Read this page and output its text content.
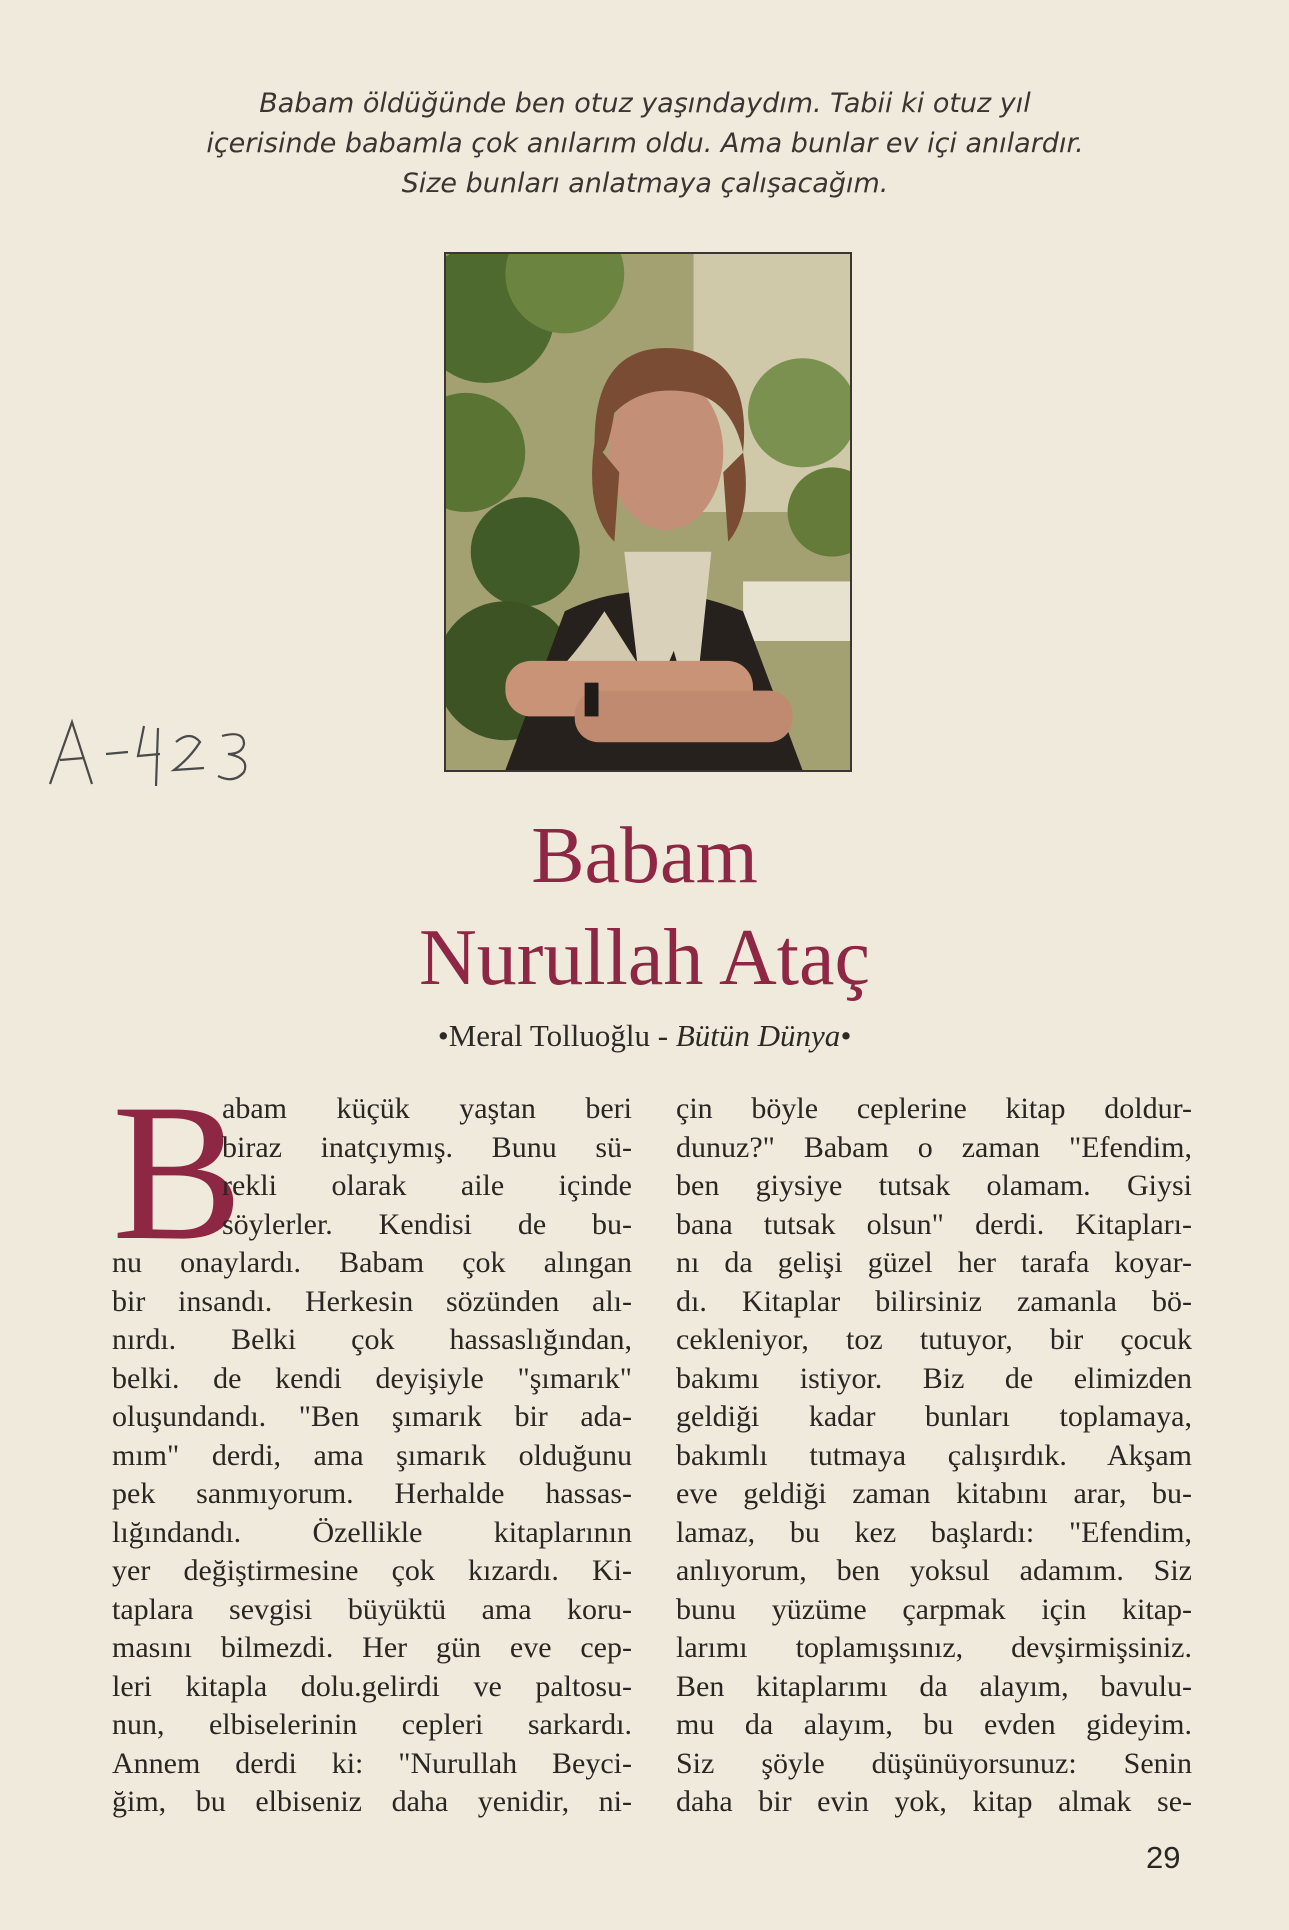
Babam öldüğünde ben otuz yaşındaydım. Tabii ki otuz yıl
içerisinde babamla çok anılarım oldu. Ama bunlar ev içi anılardır.
Size bunları anlatmaya çalışacağım.
Babam
Nurullah Ataç
•Meral Tolluoğlu - Bütün Dünya•
B
abam küçük yaştan beri
biraz inatçıymış. Bunu sü-
rekli olarak aile içinde
söylerler. Kendisi de bu-
nu onaylardı. Babam çok alıngan
bir insandı. Herkesin sözünden alı-
nırdı. Belki çok hassaslığından,
belki. de kendi deyişiyle "şımarık"
oluşundandı. "Ben şımarık bir ada-
mım" derdi, ama şımarık olduğunu
pek sanmıyorum. Herhalde hassas-
lığındandı. Özellikle kitaplarının
yer değiştirmesine çok kızardı. Ki-
taplara sevgisi büyüktü ama koru-
masını bilmezdi. Her gün eve cep-
leri kitapla dolu.gelirdi ve paltosu-
nun, elbiselerinin cepleri sarkardı.
Annem derdi ki: "Nurullah Beyci-
ğim, bu elbiseniz daha yenidir, ni-
çin böyle ceplerine kitap doldur-
dunuz?" Babam o zaman "Efendim,
ben giysiye tutsak olamam. Giysi
bana tutsak olsun" derdi. Kitapları-
nı da gelişi güzel her tarafa koyar-
dı. Kitaplar bilirsiniz zamanla bö-
cekleniyor, toz tutuyor, bir çocuk
bakımı istiyor. Biz de elimizden
geldiği kadar bunları toplamaya,
bakımlı tutmaya çalışırdık. Akşam
eve geldiği zaman kitabını arar, bu-
lamaz, bu kez başlardı: "Efendim,
anlıyorum, ben yoksul adamım. Siz
bunu yüzüme çarpmak için kitap-
larımı toplamışsınız, devşirmişsiniz.
Ben kitaplarımı da alayım, bavulu-
mu da alayım, bu evden gideyim.
Siz şöyle düşünüyorsunuz: Senin
daha bir evin yok, kitap almak se-
29
